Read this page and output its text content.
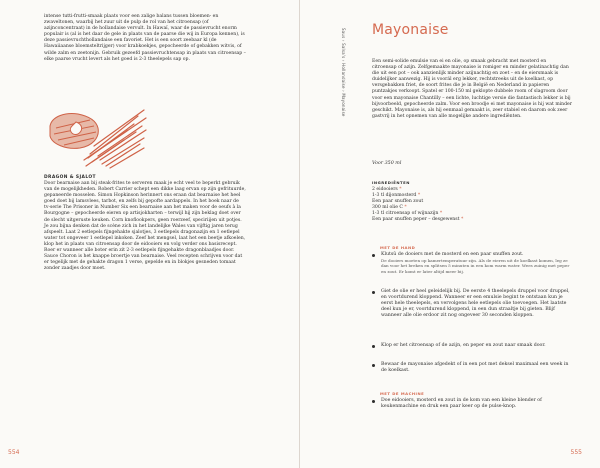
intense tutti-frutti-smaak plaats voor een zalige balans tussen bloemen- en zwaveltonen, waarbij het zuur uit de pulp de rol van het citroensap (of azijnconcentraat) in de hollandaise vervult. In Hawaï, waar de passievrucht enorm populair is (al is het daar de gele in plaats van de paarse die wij in Europa kennen), is deze passievruchthollandaise een favoriet. Het is een soort zeebaar kl (de Hawaiiaanse bloemsteltrijger) voor krabkoekjes, gepocheerde of gebakken witvis, of wilde zalm en zeetonijn. Gebruik gezeefd passievruchtensap in plaats van citroensap – elke paarse vrucht levert als het goed is 2-3 theelepels sap op.
DRAGON & SJALOT

Door bearnaise aan bij steak-frites te serveren maak je echt veel te beperkt gebruik van de mogelijkheden. Robert Carrier schept een dikke laag ervan op zijn gefrituurde, gepaneerde mosselen. Simon Hopkinson herinnert ons eraan dat bearnaise het heel goed doet bij lamsvlees, tarbot, en zelfs bij gepofte aardappels. In het boek naar de tv-serie The Prisoner in Number Six een bearnaise aan het maken voor de oeufs à la Bourgogne – gepocheerde eieren op artisjokharten – terwijl hij zijn beklag doet over de slecht uitgeruste keuken. Corn knoflookpers, geen roerzeef, speciriijen uit potjes. Je zou bijna denken dat de scène zich in het landelijke Wales van vijftig jaren terug afspeelt. Laat 2 eetlepels fijngehakte sjalotjes, 3 eetlepels dragonazijn en 1 eetlepel water tot ongeveer 1 eetlepel inkoken. Zeef het mengsel, laat het een beetje afkoelen, klop het in plaats van citroensap door de eidooiers en volg verder ons basisrecept. Roer er wanneer alle boter erin zit 2-3 eetlepels fijngehakte dragonblaadjes door.

Sauce Choron is het knappe broertje van bearnaise. Veel recepten schrijven voor dat er tegelijk met de gehakte dragon 1 verse, gepelde en in blokjes gesneden tomaat zonder zaadjes door moet.

554
Saus › Salsa's › Hollandaise › Mayonaise Mayonaise
Een semi-solide emulsie van ei en olie, op smaak gebracht met mosterd en citroensap of azijn. Zelfgemaakte mayonaise is romiger en minder gelatinachtig dan die uit een pot – ook aanzienlijk minder azijnachtig en zoet – en de eiersmaak is duidelijker aanwezig. Hij is voorál erg lekker, rechtstreeks uit de koelkast, op versgebakken friet, de soort frites die je in België en Nederland in papieren puntzakjes verkoopt. Spatel er 100-150 ml geklopte dubbele room of slagroom door voor een mayonaise Chantilly – een lichte, luchtige versie die fantastisch lekker is bij bijvoorbeeld, gepocheerde zalm. Voor een broodje ei met mayonaise is hij wat minder geschikt. Mayonaise is, als hij eenmaal gemaakt is, zeer stabiel en daarom ook zeer gastvrij in het opnemen van alle mogelijke andere ingrediënten.
Voor 350 ml
INGREDIËNTEN
2 eidooiers *
1-3 tl dijonmosterd *
Een paar snuffen zout
300 ml olie C *
1-3 tl citroensap of wijnazijn *
Een paar snuffen peper – desgewenst *
MET DE HAND
Klutsŭ de dooiers met de mosterd en een paar snuffen zout.
De dooiers moeten op kamertemperatuur zijn. Als de eieren uit de koelkast komen, leg ze dan voor het breken en splitsen 5 minuten in een kom warm water. Wees zuinig met peper en zout. Er komt er later altijd meer bij.
Giet de olie er heel geleidelijk bij. De eerste 4 theelepels druppel voor druppel, en voortdurend kloppend. Wanneer er een emulsie begint te ontstaan kun je eerst hele theelepels, en vervolgens hele eetlepels olie toevoegen. Het laatste deel kun je er, voortdurend kloppend, in een dun straaltje bij gieten. Blijf wanneer alle olie erdoor zit nog ongeveer 30 seconden kloppen.
Klop er het citroensap of de azijn, en peper en zout naar smaak door.
Bewaar de mayonaise afgedekt of in een pot met deksel maximaal een week in de koelkast.
MET DE MACHINE
Doe eidooiers, mosterd en zout in de kom van een kleine blender of keukenmachine en druk een paar keer op de pulse-knop.
555
